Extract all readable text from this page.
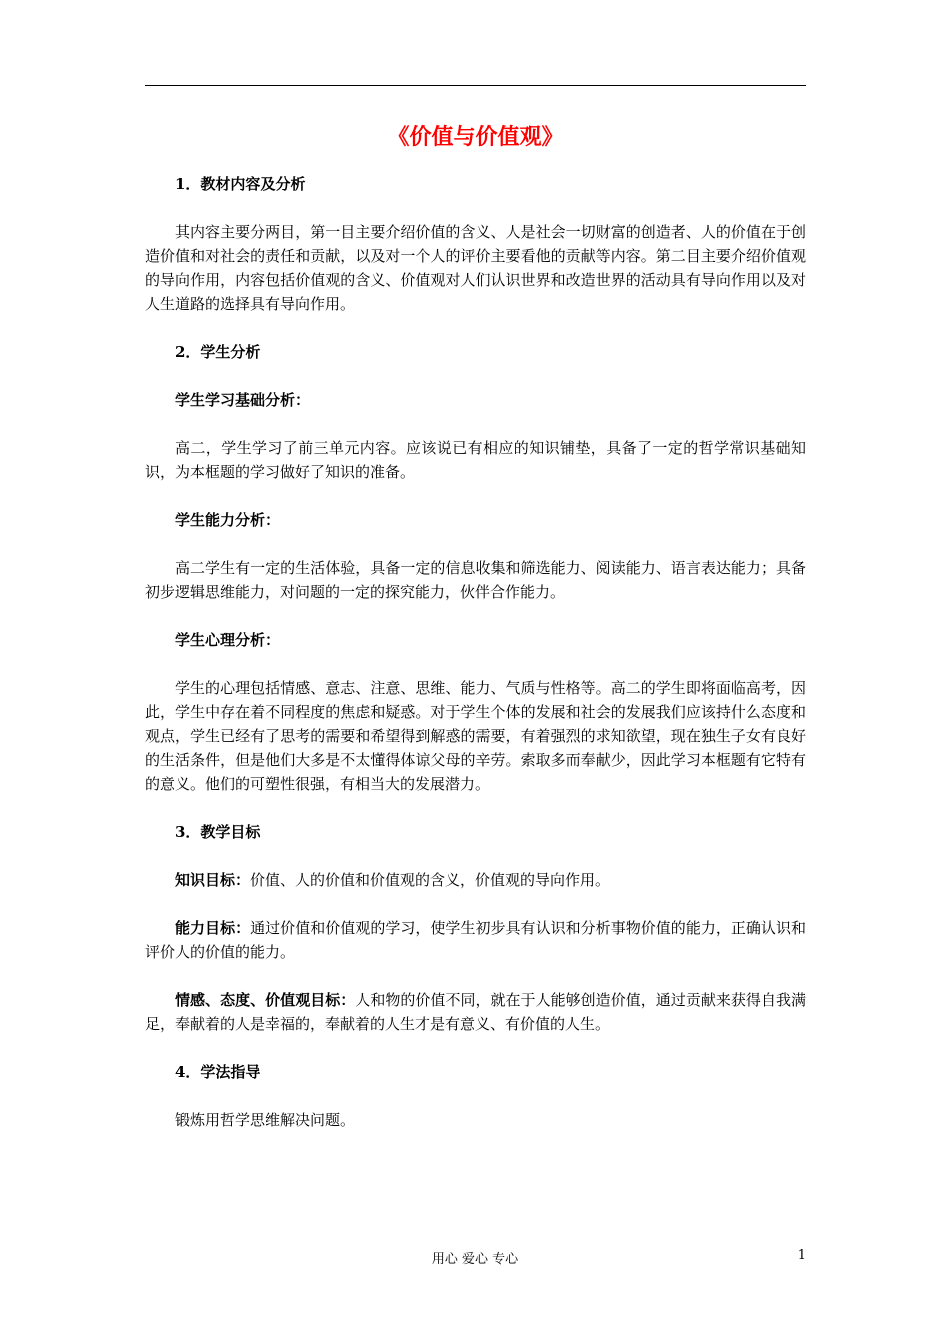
《价值与价值观》

1．教材内容及分析

其内容主要分两目，第一目主要介绍价值的含义、人是社会一切财富的创造者、人的价值在于创造价值和对社会的责任和贡献，以及对一个人的评价主要看他的贡献等内容。第二目主要介绍价值观的导向作用，内容包括价值观的含义、价值观对人们认识世界和改造世界的活动具有导向作用以及对人生道路的选择具有导向作用。

2．学生分析

学生学习基础分析：

高二，学生学习了前三单元内容。应该说已有相应的知识铺垫，具备了一定的哲学常识基础知识，为本框题的学习做好了知识的准备。

学生能力分析：

高二学生有一定的生活体验，具备一定的信息收集和筛选能力、阅读能力、语言表达能力；具备初步逻辑思维能力，对问题的一定的探究能力，伙伴合作能力。

学生心理分析：

学生的心理包括情感、意志、注意、思维、能力、气质与性格等。高二的学生即将面临高考，因此，学生中存在着不同程度的焦虑和疑惑。对于学生个体的发展和社会的发展我们应该持什么态度和观点，学生已经有了思考的需要和希望得到解惑的需要，有着强烈的求知欲望，现在独生子女有良好的生活条件，但是他们大多是不太懂得体谅父母的辛劳。索取多而奉献少，因此学习本框题有它特有的意义。他们的可塑性很强，有相当大的发展潜力。

3．教学目标

知识目标：价值、人的价值和价值观的含义，价值观的导向作用。

能力目标：通过价值和价值观的学习，使学生初步具有认识和分析事物价值的能力，正确认识和评价人的价值的能力。

情感、态度、价值观目标：人和物的价值不同，就在于人能够创造价值，通过贡献来获得自我满足，奉献着的人是幸福的，奉献着的人生才是有意义、有价值的人生。

4．学法指导

锻炼用哲学思维解决问题。

用心 爱心 专心	1
